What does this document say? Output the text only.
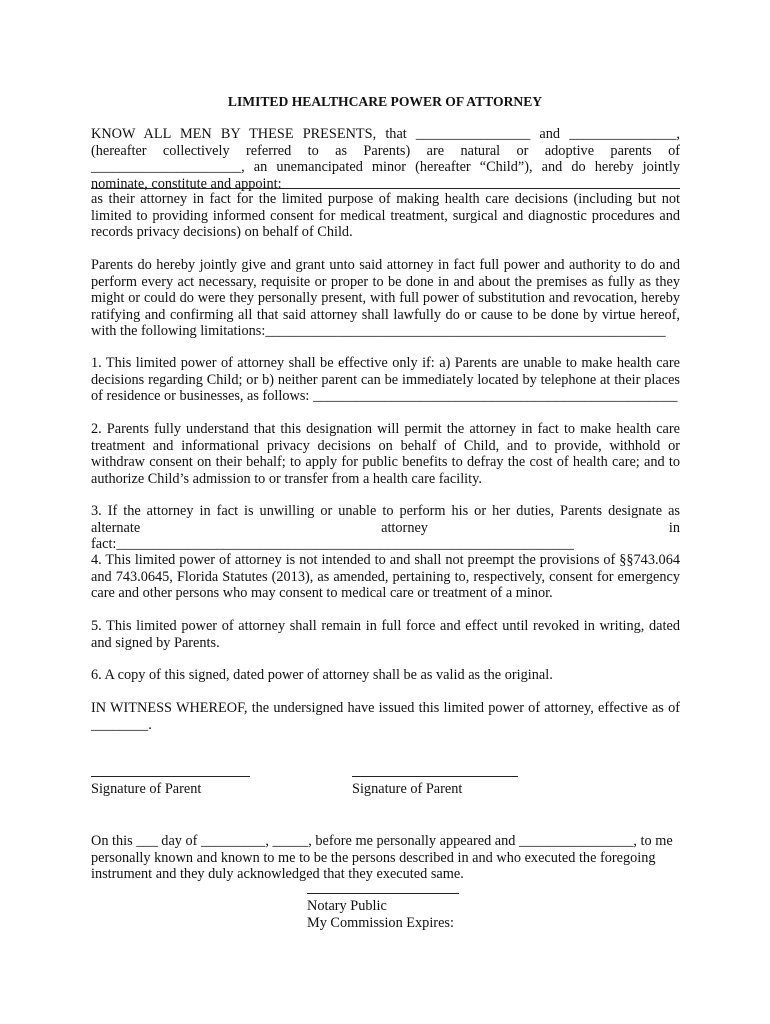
LIMITED HEALTHCARE POWER OF ATTORNEY

KNOW ALL MEN BY THESE PRESENTS, that ________________ and _______________, (hereafter collectively referred to as Parents) are natural or adoptive parents of _____________________, an unemancipated minor (hereafter “Child”), and do hereby jointly nominate, constitute and appoint:

as their attorney in fact for the limited purpose of making health care decisions (including but not limited to providing informed consent for medical treatment, surgical and diagnostic procedures and records privacy decisions) on behalf of Child.

Parents do hereby jointly give and grant unto said attorney in fact full power and authority to do and perform every act necessary, requisite or proper to be done in and about the premises as fully as they might or could do were they personally present, with full power of substitution and revocation, hereby ratifying and confirming all that said attorney shall lawfully do or cause to be done by virtue hereof, with the following limitations:________________________________________________________

1. This limited power of attorney shall be effective only if: a) Parents are unable to make health care decisions regarding Child; or b) neither parent can be immediately located by telephone at their places of residence or businesses, as follows: ___________________________________________________

2. Parents fully understand that this designation will permit the attorney in fact to make health care treatment and informational privacy decisions on behalf of Child, and to provide, withhold or withdraw consent on their behalf; to apply for public benefits to defray the cost of health care; and to authorize Child’s admission to or transfer from a health care facility.

3. If the attorney in fact is unwilling or unable to perform his or her duties, Parents designate as alternate attorney in fact:________________________________________________________________

4. This limited power of attorney is not intended to and shall not preempt the provisions of §§743.064 and 743.0645, Florida Statutes (2013), as amended, pertaining to, respectively, consent for emergency care and other persons who may consent to medical care or treatment of a minor.

5. This limited power of attorney shall remain in full force and effect until revoked in writing, dated and signed by Parents.

6. A copy of this signed, dated power of attorney shall be as valid as the original.

IN WITNESS WHEREOF, the undersigned have issued this limited power of attorney, effective as of ________.

Signature of Parent	Signature of Parent

On this ___ day of _________, _____, before me personally appeared and ________________, to me personally known and known to me to be the persons described in and who executed the foregoing instrument and they duly acknowledged that they executed same.

Notary Public
My Commission Expires:
